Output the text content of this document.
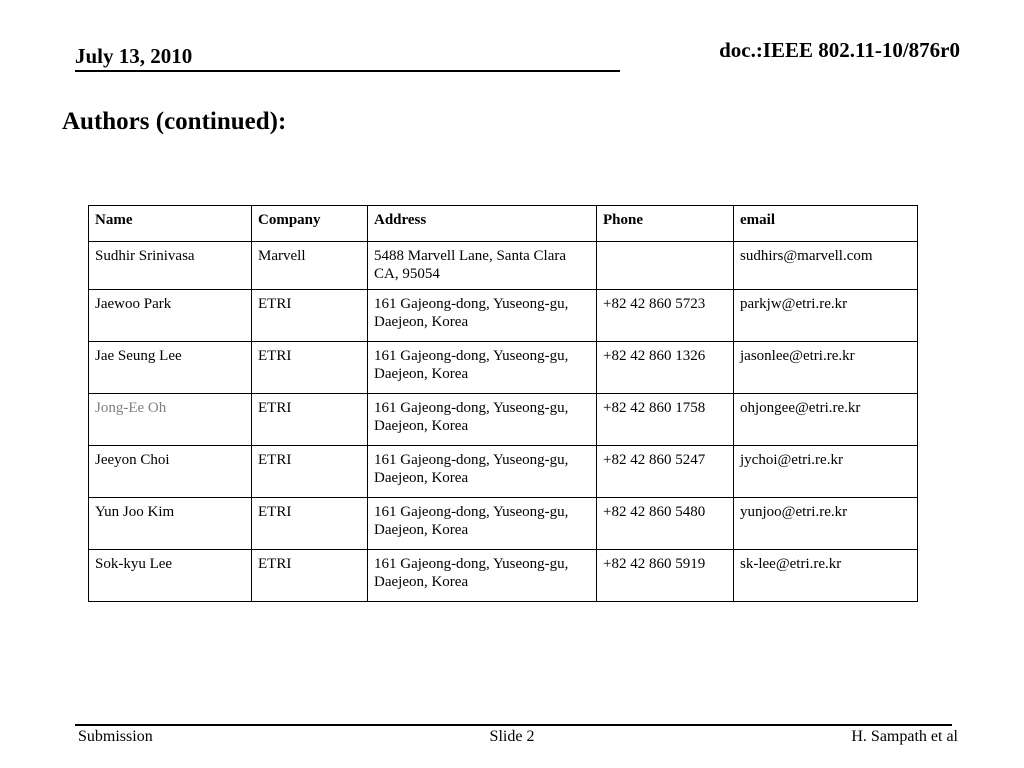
July 13, 2010	doc.:IEEE 802.11-10/876r0
Authors (continued):
Name	Company	Address	Phone	email
Sudhir Srinivasa	Marvell	5488 Marvell Lane, Santa Clara CA, 95054		sudhirs@marvell.com
Jaewoo Park	ETRI	161 Gajeong-dong, Yuseong-gu, Daejeon, Korea	+82 42 860 5723	parkjw@etri.re.kr
Jae Seung Lee	ETRI	161 Gajeong-dong, Yuseong-gu, Daejeon, Korea	+82 42 860 1326	jasonlee@etri.re.kr
Jong-Ee Oh	ETRI	161 Gajeong-dong, Yuseong-gu, Daejeon, Korea	+82 42 860 1758	ohjongee@etri.re.kr
Jeeyon Choi	ETRI	161 Gajeong-dong, Yuseong-gu, Daejeon, Korea	+82 42 860 5247	jychoi@etri.re.kr
Yun Joo Kim	ETRI	161 Gajeong-dong, Yuseong-gu, Daejeon, Korea	+82 42 860 5480	yunjoo@etri.re.kr
Sok-kyu Lee	ETRI	161 Gajeong-dong, Yuseong-gu, Daejeon, Korea	+82 42 860 5919	sk-lee@etri.re.kr
Submission	Slide 2	H. Sampath et al
